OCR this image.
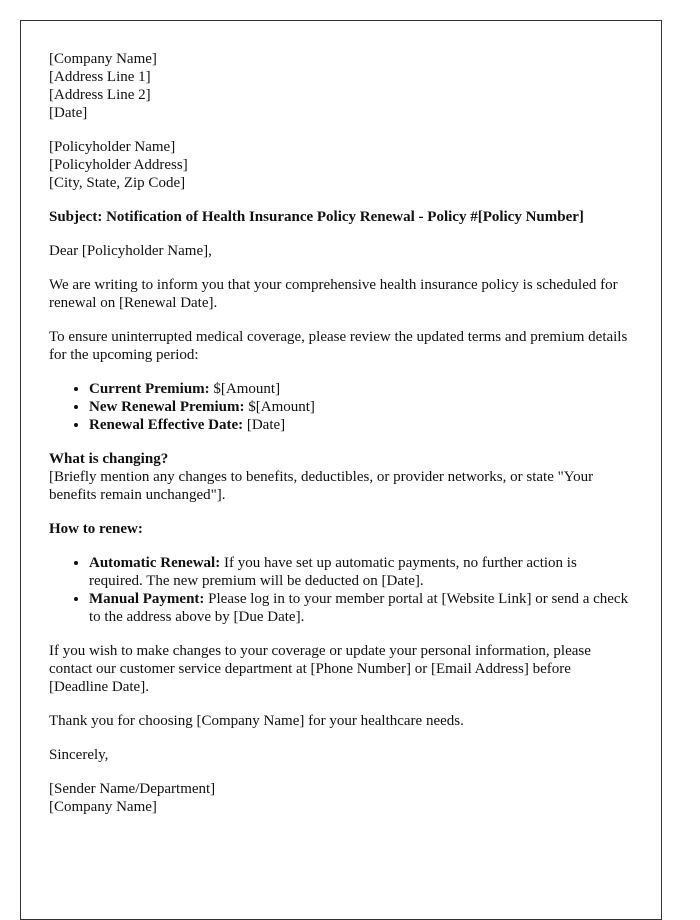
[Company Name]
[Address Line 1]
[Address Line 2]
[Date]
[Policyholder Name]
[Policyholder Address]
[City, State, Zip Code]
Subject: Notification of Health Insurance Policy Renewal - Policy #[Policy Number]

Dear [Policyholder Name],

We are writing to inform you that your comprehensive health insurance policy is scheduled for renewal on [Renewal Date].

To ensure uninterrupted medical coverage, please review the updated terms and premium details for the upcoming period:

• Current Premium: $[Amount]
• New Renewal Premium: $[Amount]
• Renewal Effective Date: [Date]

What is changing?
[Briefly mention any changes to benefits, deductibles, or provider networks, or state "Your benefits remain unchanged"].

How to renew:
• Automatic Renewal: If you have set up automatic payments, no further action is required. The new premium will be deducted on [Date].
• Manual Payment: Please log in to your member portal at [Website Link] or send a check to the address above by [Due Date].

If you wish to make changes to your coverage or update your personal information, please contact our customer service department at [Phone Number] or [Email Address] before [Deadline Date].

Thank you for choosing [Company Name] for your healthcare needs.

Sincerely,

[Sender Name/Department]
[Company Name]
